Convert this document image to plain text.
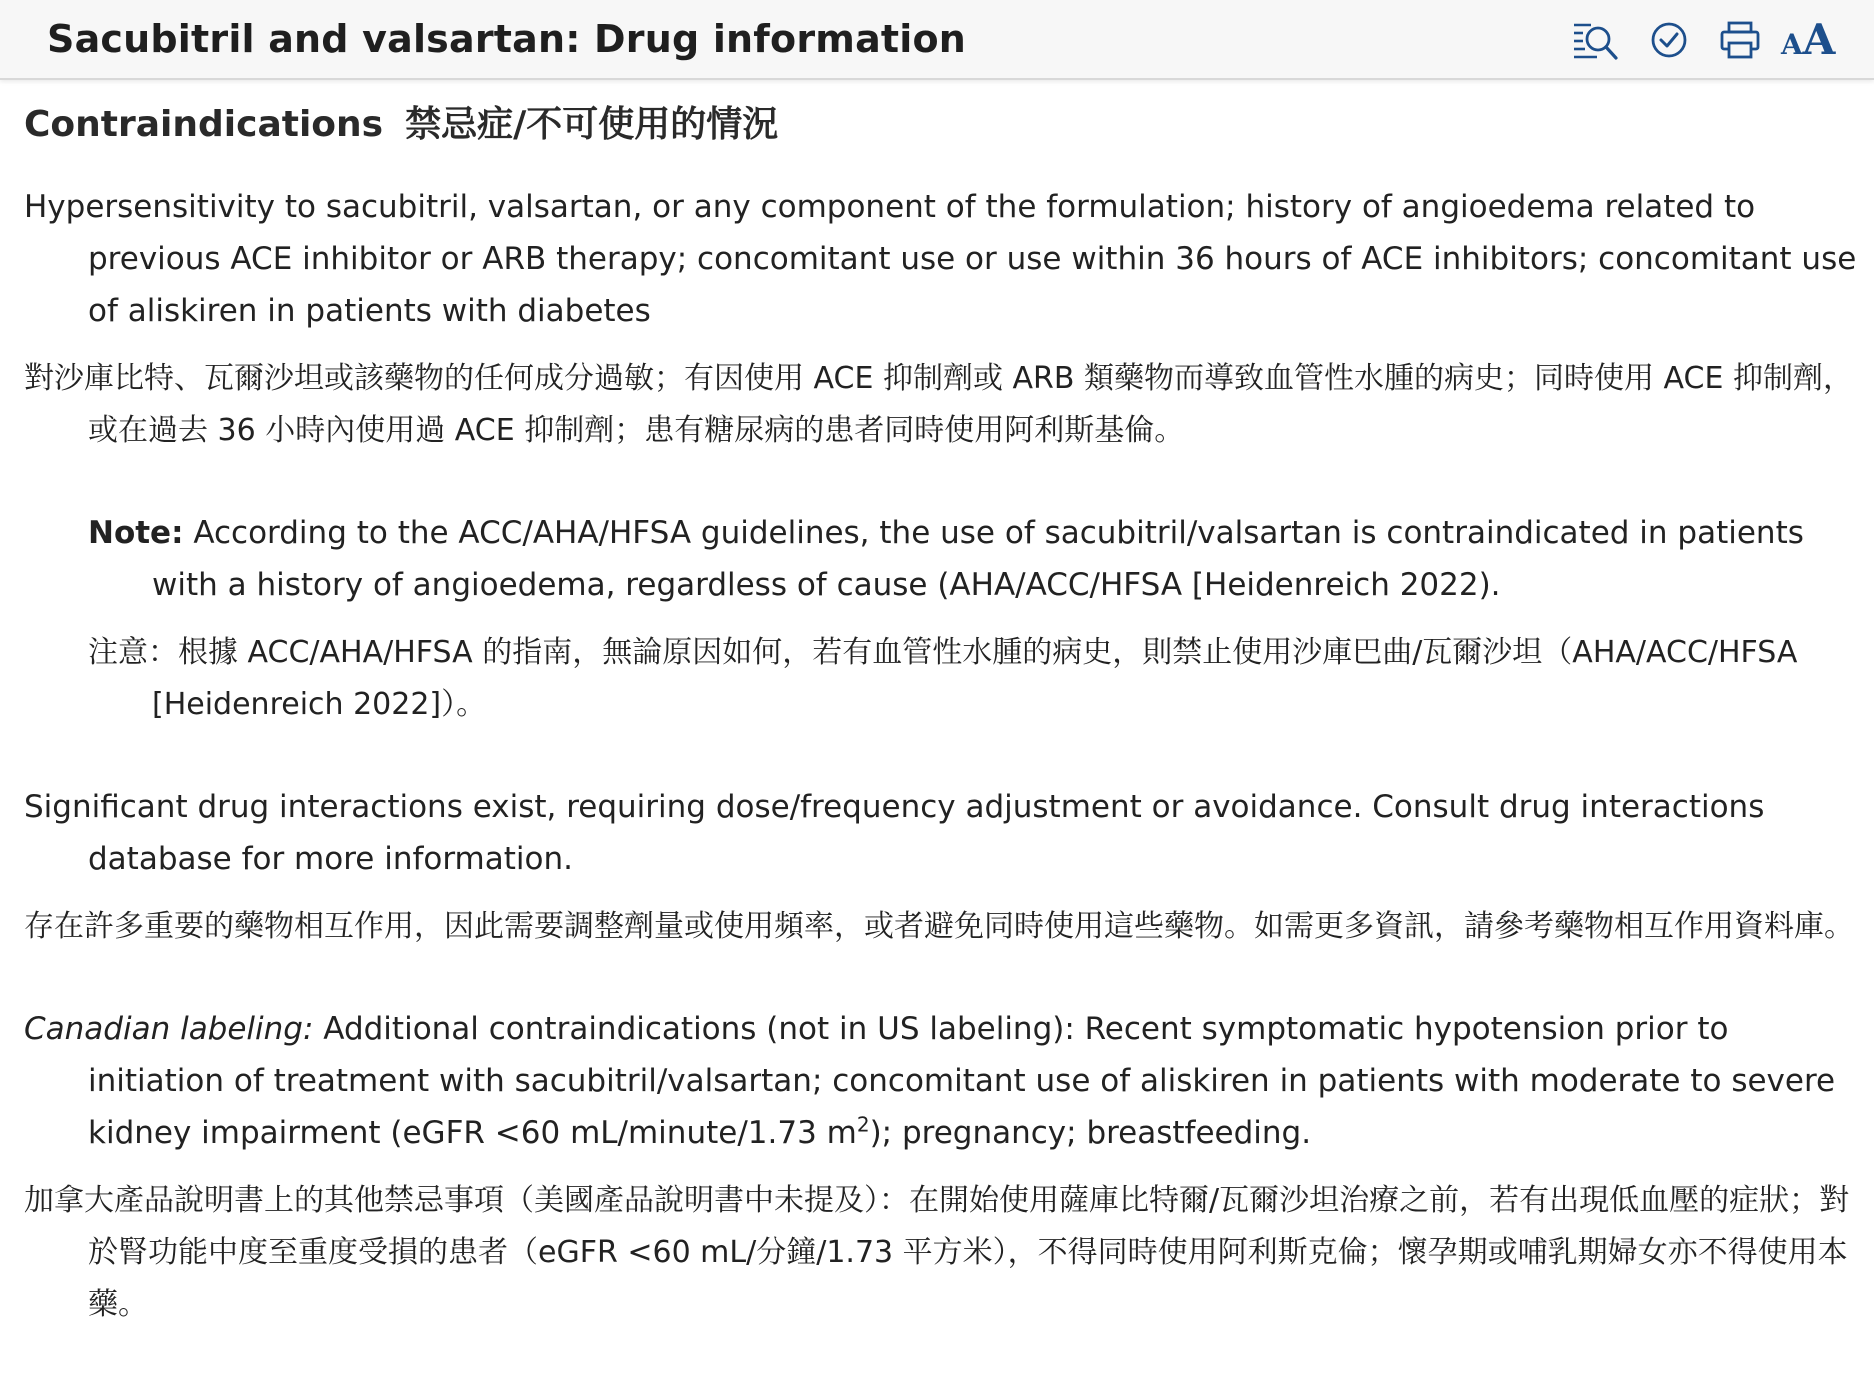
Sacubitril and valsartan: Drug information	AA
Contraindications 禁忌症/不可使用的情況
Hypersensitivity to sacubitril, valsartan, or any component of the formulation; history of angioedema related to previous ACE inhibitor or ARB therapy; concomitant use or use within 36 hours of ACE inhibitors; concomitant use of aliskiren in patients with diabetes
對沙庫比特、瓦爾沙坦或該藥物的任何成分過敏；有因使用 ACE 抑制劑或 ARB 類藥物而導致血管性水腫的病史；同時使用 ACE 抑制劑，或在過去 36 小時內使用過 ACE 抑制劑；患有糖尿病的患者同時使用阿利斯基倫。
Note: According to the ACC/AHA/HFSA guidelines, the use of sacubitril/valsartan is contraindicated in patients with a history of angioedema, regardless of cause (AHA/ACC/HFSA [Heidenreich 2022).
注意：根據 ACC/AHA/HFSA 的指南，無論原因如何，若有血管性水腫的病史，則禁止使用沙庫巴曲/瓦爾沙坦（AHA/ACC/HFSA [Heidenreich 2022]）。
Significant drug interactions exist, requiring dose/frequency adjustment or avoidance. Consult drug interactions database for more information.
存在許多重要的藥物相互作用，因此需要調整劑量或使用頻率，或者避免同時使用這些藥物。如需更多資訊，請參考藥物相互作用資料庫。
Canadian labeling: Additional contraindications (not in US labeling): Recent symptomatic hypotension prior to initiation of treatment with sacubitril/valsartan; concomitant use of aliskiren in patients with moderate to severe kidney impairment (eGFR <60 mL/minute/1.73 $m^2$); pregnancy; breastfeeding.
加拿大產品說明書上的其他禁忌事項（美國產品說明書中未提及）：在開始使用薩庫比特爾/瓦爾沙坦治療之前，若有出現低血壓的症狀；對於腎功能中度至重度受損的患者（eGFR <60 mL/分鐘/1.73 平方米），不得同時使用阿利斯克倫；懷孕期或哺乳期婦女亦不得使用本藥。
